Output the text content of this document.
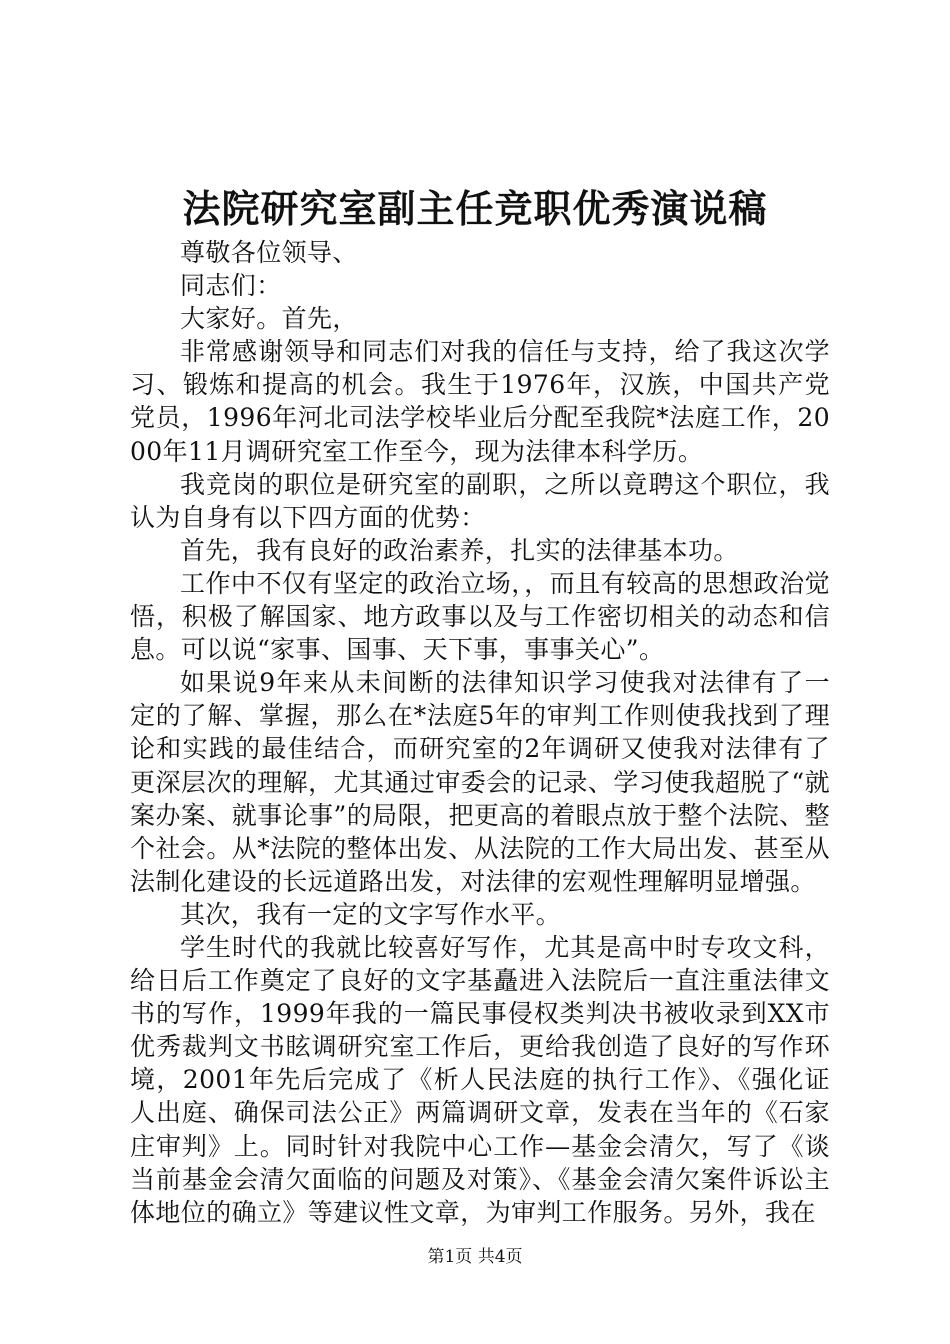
法院研究室副主任竞职优秀演说稿

尊敬各位领导、

同志们：

大家好。首先，

非常感谢领导和同志们对我的信任与支持，给了我这次学习、锻炼和提高的机会。我生于1976年，汉族，中国共产党党员，1996年河北司法学校毕业后分配至我院*法庭工作，2000年11月调研究室工作至今，现为法律本科学历。

我竞岗的职位是研究室的副职，之所以竟聘这个职位，我认为自身有以下四方面的优势：

首先，我有良好的政治素养，扎实的法律基本功。

工作中不仅有坚定的政治立场，，而且有较高的思想政治觉悟，积极了解国家、地方政事以及与工作密切相关的动态和信息。可以说“家事、国事、天下事，事事关心”。

如果说9年来从未间断的法律知识学习使我对法律有了一定的了解、掌握，那么在*法庭5年的审判工作则使我找到了理论和实践的最佳结合，而研究室的2年调研又使我对法律有了更深层次的理解，尤其通过审委会的记录、学习使我超脱了“就案办案、就事论事”的局限，把更高的着眼点放于整个法院、整个社会。从*法院的整体出发、从法院的工作大局出发、甚至从法制化建设的长远道路出发，对法律的宏观性理解明显增强。

其次，我有一定的文字写作水平。

学生时代的我就比较喜好写作，尤其是高中时专攻文科，给日后工作奠定了良好的文字基矗进入法院后一直注重法律文书的写作，1999年我的一篇民事侵权类判决书被收录到XX市优秀裁判文书眩调研究室工作后，更给我创造了良好的写作环境，2001年先后完成了《析人民法庭的执行工作》、《强化证人出庭、确保司法公正》两篇调研文章，发表在当年的《石家庄审判》上。同时针对我院中心工作—基金会清欠，写了《谈当前基金会清欠面临的问题及对策》、《基金会清欠案件诉讼主体地位的确立》等建议性文章，为审判工作服务。另外，我在

第1页 共4页
